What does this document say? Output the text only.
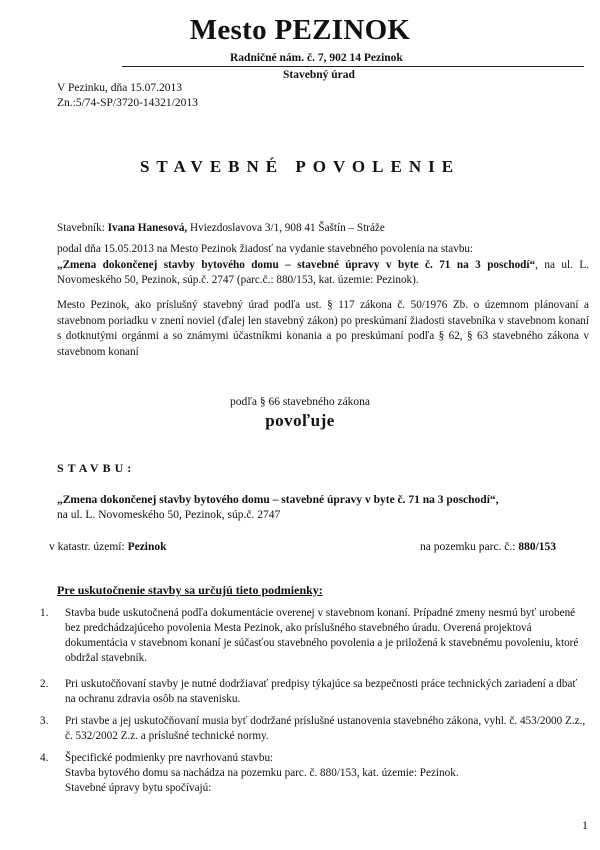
Mesto PEZINOK
Radničné nám. č. 7, 902 14 Pezinok
Stavebný úrad
V Pezinku, dňa 15.07.2013
Zn.:5/74-SP/3720-14321/2013
STAVEBNÉ POVOLENIE
Stavebník: Ivana Hanesová, Hviezdoslavova 3/1, 908 41 Šaštín – Stráže
podal dňa 15.05.2013 na Mesto Pezinok žiadosť na vydanie stavebného povolenia na stavbu:
„Zmena dokončenej stavby bytového domu – stavebné úpravy v byte č. 71 na 3 poschodí“, na ul. L. Novomeského 50, Pezinok, súp.č. 2747 (parc.č.: 880/153, kat. územie: Pezinok).
Mesto Pezinok, ako príslušný stavebný úrad podľa ust. § 117 zákona č. 50/1976 Zb. o územnom plánovaní a stavebnom poriadku v znení noviel (ďalej len stavebný zákon) po preskúmaní žiadosti stavebníka v stavebnom konaní s dotknutými orgánmi a so známymi účastníkmi konania a po preskúmaní podľa § 62, § 63 stavebného zákona v stavebnom konaní
podľa § 66 stavebného zákona
povoľuje
STAVBU:
„Zmena dokončenej stavby bytového domu – stavebné úpravy v byte č. 71 na 3 poschodí“,
na ul. L. Novomeského 50, Pezinok, súp.č. 2747
v katastr. území: Pezinok	na pozemku parc. č.: 880/153
Pre uskutočnenie stavby sa určujú tieto podmienky:
1.	Stavba bude uskutočnená podľa dokumentácie overenej v stavebnom konaní. Prípadné zmeny nesmú byť urobené bez predchádzajúceho povolenia Mesta Pezinok, ako príslušného stavebného úradu. Overená projektová dokumentácia v stavebnom konaní je súčasťou stavebného povolenia a je priložená k stavebnému povoleniu, ktoré obdržal stavebník.
2.	Pri uskutočňovaní stavby je nutné dodržiavať predpisy týkajúce sa bezpečnosti práce technických zariadení a dbať na ochranu zdravia osôb na stavenisku.
3.	Pri stavbe a jej uskutočňovaní musia byť dodržané príslušné ustanovenia stavebného zákona, vyhl. č. 453/2000 Z.z., č. 532/2002 Z.z. a príslušné technické normy.
4.	Špecifické podmienky pre navrhovanú stavbu:
Stavba bytového domu sa nachádza na pozemku parc. č. 880/153, kat. územie: Pezinok.
Stavebné úpravy bytu spočívajú:
1
